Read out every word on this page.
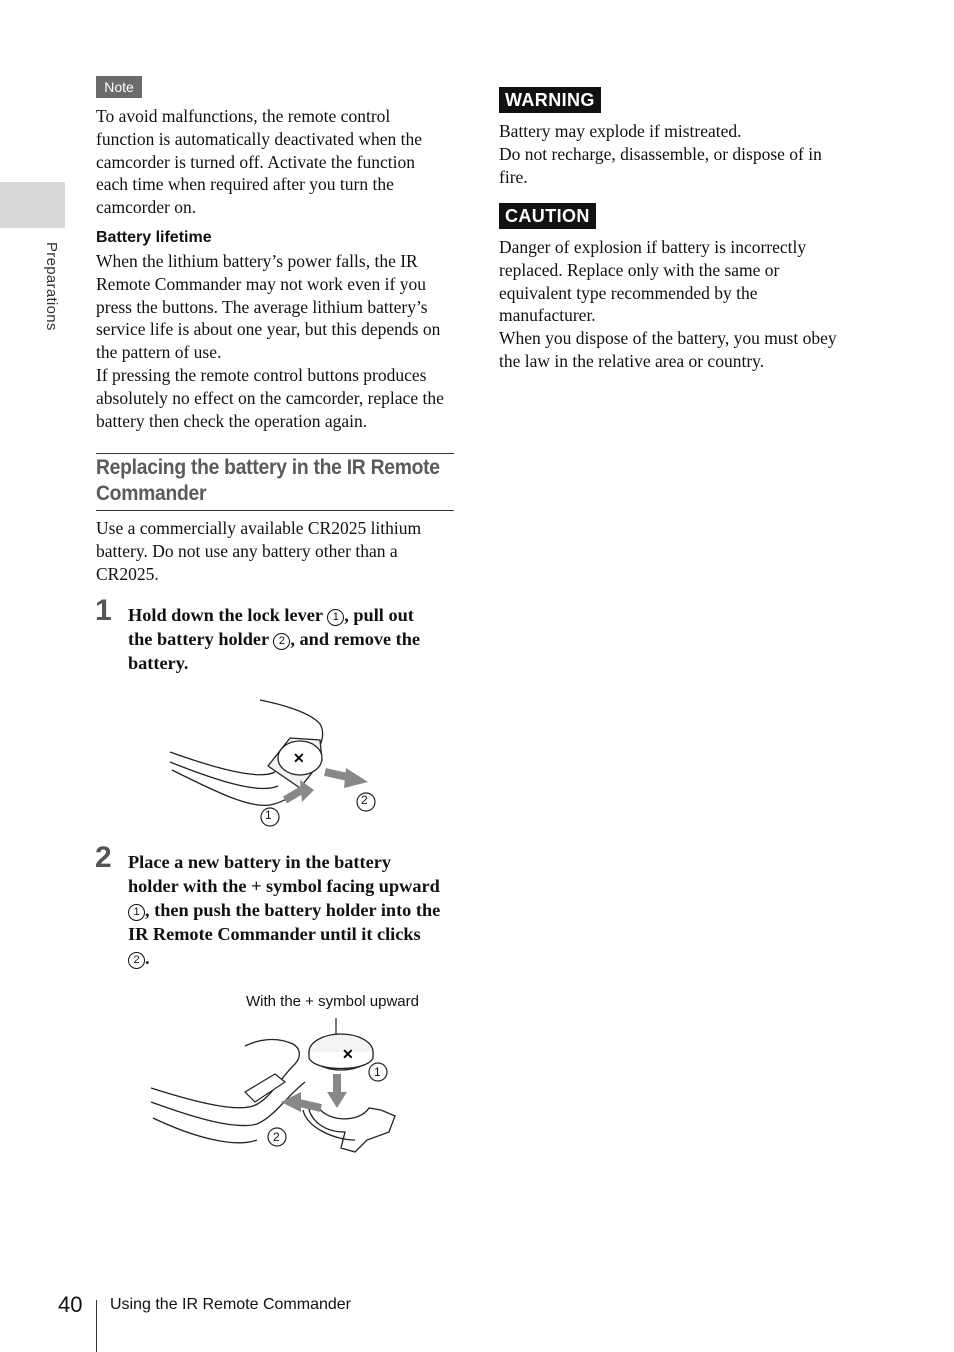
Preparations
Note
To avoid malfunctions, the remote control function is automatically deactivated when the camcorder is turned off. Activate the function each time when required after you turn the camcorder on.
Battery lifetime
When the lithium battery’s power falls, the IR Remote Commander may not work even if you press the buttons. The average lithium battery’s service life is about one year, but this depends on the pattern of use.
If pressing the remote control buttons produces absolutely no effect on the camcorder, replace the battery then check the operation again.
Replacing the battery in the IR Remote
Commander
Use a commercially available CR2025 lithium battery. Do not use any battery other than a CR2025.
1 Hold down the lock lever 1 , pull out
the battery holder 2 , and remove the
battery.
✕
1
2
2 Place a new battery in the battery
holder with the + symbol facing upward
1 , then push the battery holder into the
IR Remote Commander until it clicks
2 .
With the + symbol upward
✕
1
2
WARNING
Battery may explode if mistreated.
Do not recharge, disassemble, or dispose of in fire.
CAUTION
Danger of explosion if battery is incorrectly replaced. Replace only with the same or equivalent type recommended by the manufacturer.
When you dispose of the battery, you must obey the law in the relative area or country.
40 Using the IR Remote Commander
